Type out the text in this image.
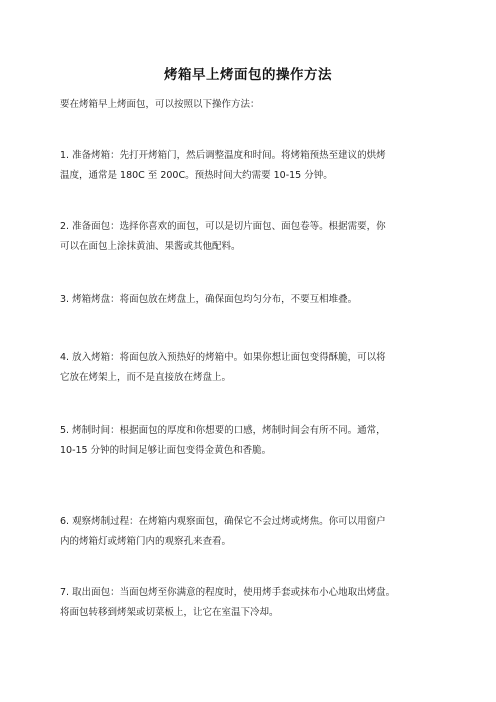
烤箱早上烤面包的操作方法
要在烤箱早上烤面包，可以按照以下操作方法：

1. 准备烤箱：先打开烤箱门，然后调整温度和时间。将烤箱预热至建议的烘烤

温度，通常是 180C 至 200C。预热时间大约需要 10-15 分钟。

2. 准备面包：选择你喜欢的面包，可以是切片面包、面包卷等。根据需要，你

可以在面包上涂抹黄油、果酱或其他配料。

3. 烤箱烤盘：将面包放在烤盘上，确保面包均匀分布，不要互相堆叠。

4. 放入烤箱：将面包放入预热好的烤箱中。如果你想让面包变得酥脆，可以将

它放在烤架上，而不是直接放在烤盘上。

5. 烤制时间：根据面包的厚度和你想要的口感，烤制时间会有所不同。通常，

10-15 分钟的时间足够让面包变得金黄色和香脆。

6. 观察烤制过程：在烤箱内观察面包，确保它不会过烤或烤焦。你可以用窗户

内的烤箱灯或烤箱门内的观察孔来查看。

7. 取出面包：当面包烤至你满意的程度时，使用烤手套或抹布小心地取出烤盘。

将面包转移到烤架或切菜板上，让它在室温下冷却。
